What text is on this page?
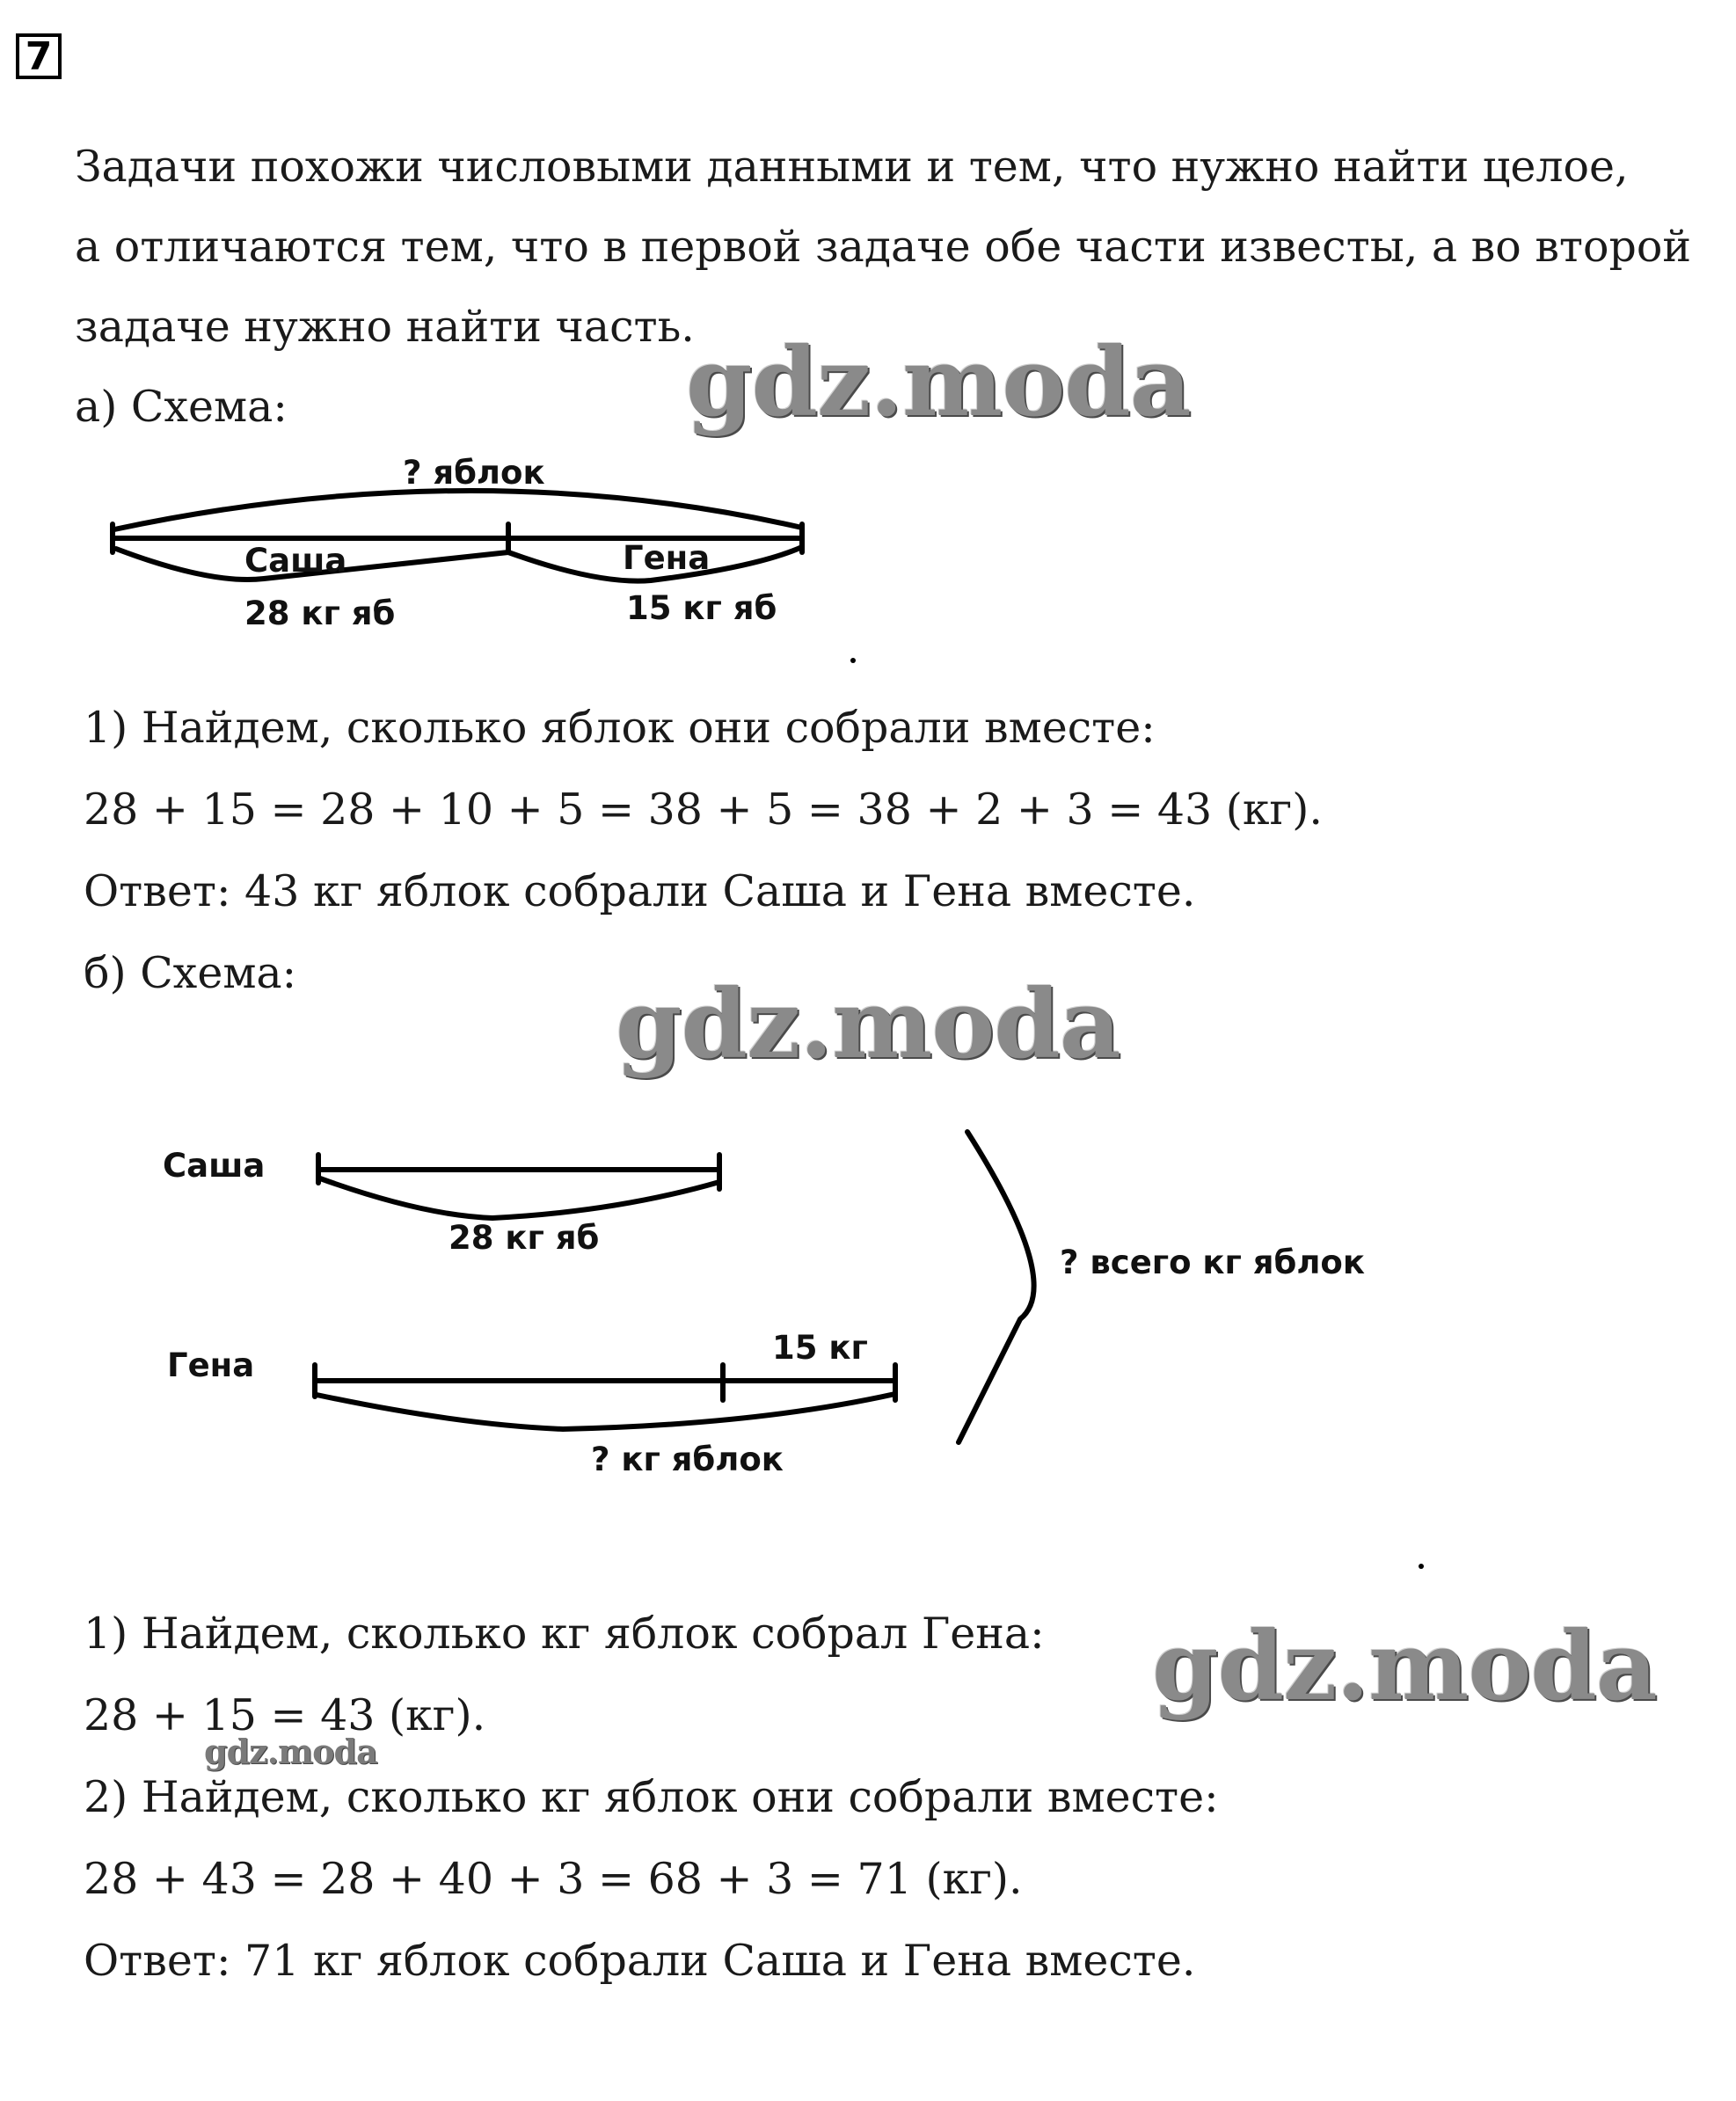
7
Задачи похожи числовыми данными и тем, что нужно найти целое,
а отличаются тем, что в первой задаче обе части известы, а во второй
задаче нужно найти часть.
gdz.moda
а) Схема:
? яблок
Саша
28 кг яб
Гена
15 кг яб
1) Найдем, сколько яблок они собрали вместе:
28 + 15 = 28 + 10 + 5 = 38 + 5 = 38 + 2 + 3 = 43 (кг).
Ответ: 43 кг яблок собрали Саша и Гена вместе.
б) Схема:	gdz.moda
Саша
28 кг яб
Гена	15 кг
? кг яблок
? всего кг яблок
1) Найдем, сколько кг яблок собрал Гена: gdz.moda
28 + 15 = 43 (кг).
gdz.moda
2) Найдем, сколько кг яблок они собрали вместе:
28 + 43 = 28 + 40 + 3 = 68 + 3 = 71 (кг).
Ответ: 71 кг яблок собрали Саша и Гена вместе.
